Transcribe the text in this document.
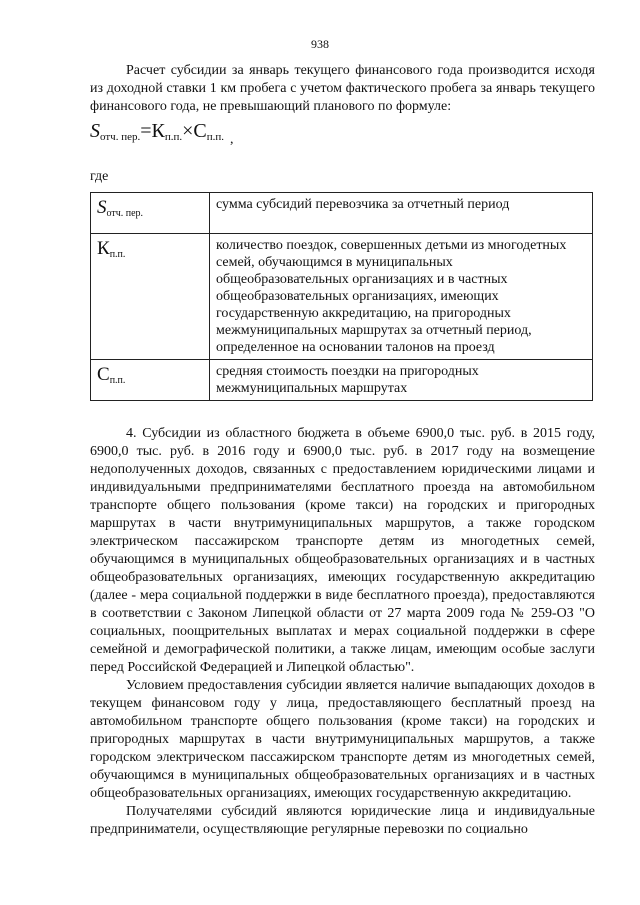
938

Расчет субсидии за январь текущего финансового года производится исходя из доходной ставки 1 км пробега с учетом фактического пробега за январь текущего финансового года, не превышающий планового по формуле:

$S_{отч. пер.}=К_{п.п.}\times С_{п.п.}$ $_,$
где
$S_{отч. пер.}$	сумма субсидий перевозчика за отчетный период
$К_{п.п.}$	количество поездок, совершенных детьми из многодетных семей, обучающимся в муниципальных общеобразовательных организациях и в частных общеобразовательных организациях, имеющих государственную аккредитацию, на пригородных межмуниципальных маршрутах за отчетный период, определенное на основании талонов на проезд
$С_{п.п.}$	средняя стоимость поездки на пригородных межмуниципальных маршрутах

4. Субсидии из областного бюджета в объеме 6900,0 тыс. руб. в 2015 году, 6900,0 тыс. руб. в 2016 году и 6900,0 тыс. руб. в 2017 году на возмещение недополученных доходов, связанных с предоставлением юридическими лицами и индивидуальными предпринимателями бесплатного проезда на автомобильном транспорте общего пользования (кроме такси) на городских и пригородных маршрутах в части внутримуниципальных маршрутов, а также городском электрическом пассажирском транспорте детям из многодетных семей, обучающимся в муниципальных общеобразовательных организациях и в частных общеобразовательных организациях, имеющих государственную аккредитацию (далее - мера социальной поддержки в виде бесплатного проезда), предоставляются в соответствии с Законом Липецкой области от 27 марта 2009 года № 259-ОЗ "О социальных, поощрительных выплатах и мерах социальной поддержки в сфере семейной и демографической политики, а также лицам, имеющим особые заслуги перед Российской Федерацией и Липецкой областью".

Условием предоставления субсидии является наличие выпадающих доходов в текущем финансовом году у лица, предоставляющего бесплатный проезд на автомобильном транспорте общего пользования (кроме такси) на городских и пригородных маршрутах в части внутримуниципальных маршрутов, а также городском электрическом пассажирском транспорте детям из многодетных семей, обучающимся в муниципальных общеобразовательных организациях и в частных общеобразовательных организациях, имеющих государственную аккредитацию.

Получателями субсидий являются юридические лица и индивидуальные предприниматели, осуществляющие регулярные перевозки по социально
